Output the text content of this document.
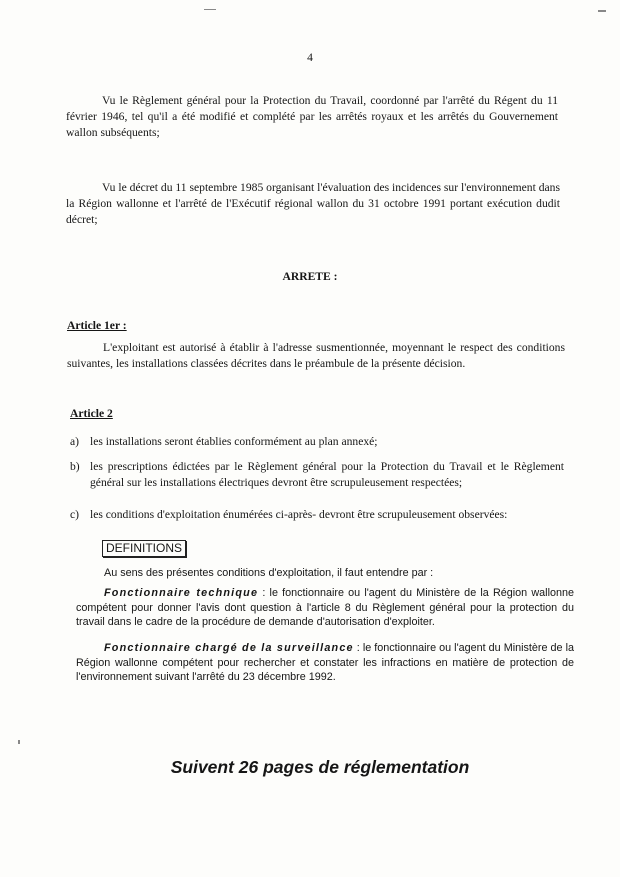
4
Vu le Règlement général pour la Protection du Travail, coordonné par l'arrêté du Régent du 11 février 1946, tel qu'il a été modifié et complété par les arrêtés royaux et les arrêtés du Gouvernement wallon subséquents;
Vu le décret du 11 septembre 1985 organisant l'évaluation des incidences sur l'environnement dans la Région wallonne et l'arrêté de l'Exécutif régional wallon du 31 octobre 1991 portant exécution dudit décret;
ARRETE :
Article 1er :
L'exploitant est autorisé à établir à l'adresse susmentionnée, moyennant le respect des conditions suivantes, les installations classées décrites dans le préambule de la présente décision.
Article 2
a) les installations seront établies conformément au plan annexé;
b) les prescriptions édictées par le Règlement général pour la Protection du Travail et le Règlement général sur les installations électriques devront être scrupuleusement respectées;
c) les conditions d'exploitation énumérées ci-après- devront être scrupuleusement observées:
DEFINITIONS
Au sens des présentes conditions d'exploitation, il faut entendre par :
Fonctionnaire technique : le fonctionnaire ou l'agent du Ministère de la Région wallonne compétent pour donner l'avis dont question à l'article 8 du Règlement général pour la protection du travail dans le cadre de la procédure de demande d'autorisation d'exploiter.
Fonctionnaire chargé de la surveillance : le fonctionnaire ou l'agent du Ministère de la Région wallonne compétent pour rechercher et constater les infractions en matière de protection de l'environnement suivant l'arrêté du 23 décembre 1992.
Suivent 26 pages de réglementation
